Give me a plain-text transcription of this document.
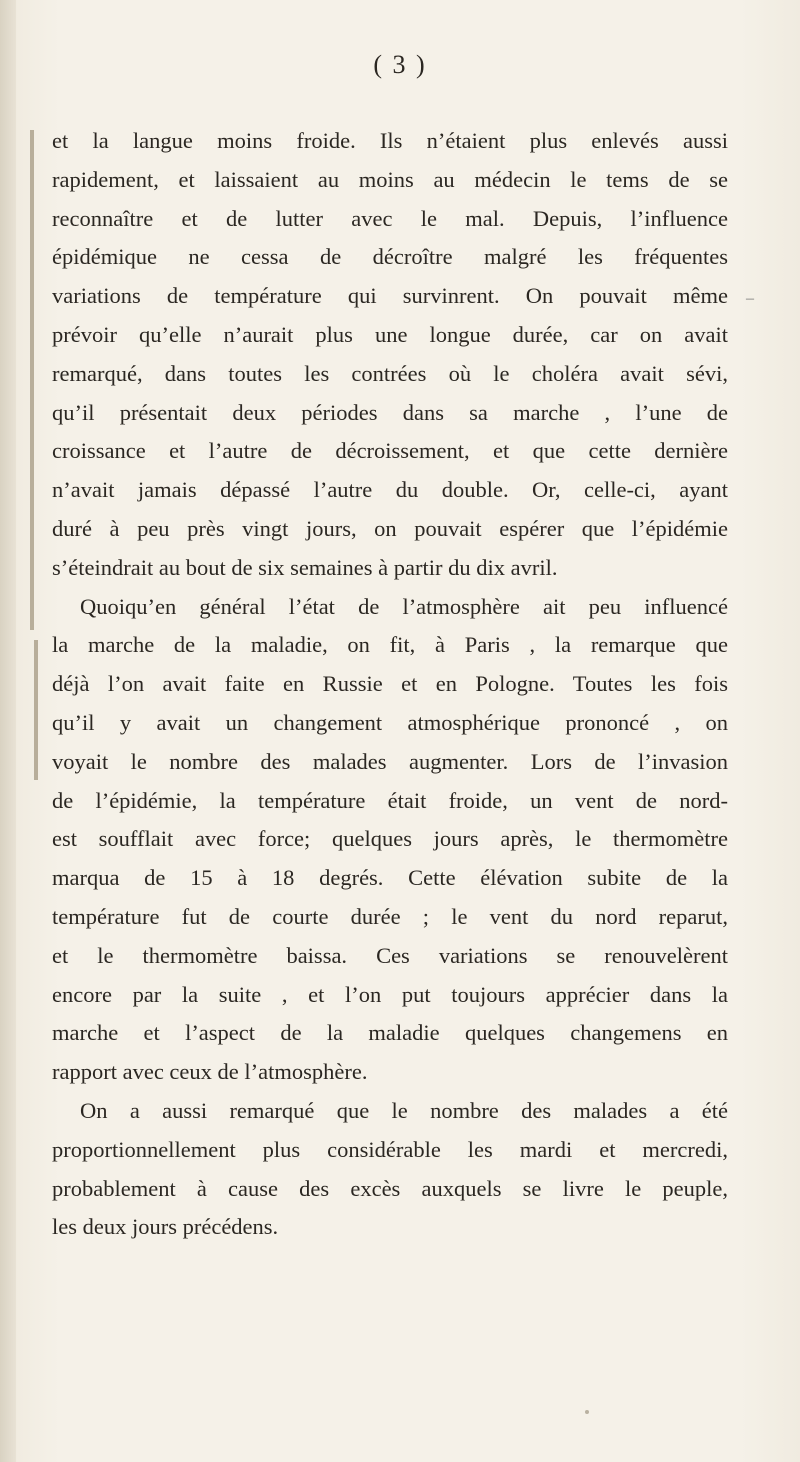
( 3 )

et la langue moins froide. Ils n’étaient plus enlevés aussi
rapidement, et laissaient au moins au médecin le tems de se
reconnaître et de lutter avec le mal. Depuis, l’influence
épidémique ne cessa de décroître malgré les fréquentes
variations de température qui survinrent. On pouvait même
prévoir qu’elle n’aurait plus une longue durée, car on avait
remarqué, dans toutes les contrées où le choléra avait sévi,
qu’il présentait deux périodes dans sa marche , l’une de
croissance et l’autre de décroissement, et que cette dernière
n’avait jamais dépassé l’autre du double. Or, celle-ci, ayant
duré à peu près vingt jours, on pouvait espérer que l’épidémie
s’éteindrait au bout de six semaines à partir du dix avril.

Quoiqu’en général l’état de l’atmosphère ait peu influencé
la marche de la maladie, on fit, à Paris , la remarque que
déjà l’on avait faite en Russie et en Pologne. Toutes les fois
qu’il y avait un changement atmosphérique prononcé , on
voyait le nombre des malades augmenter. Lors de l’invasion
de l’épidémie, la température était froide, un vent de nord-
est soufflait avec force; quelques jours après, le thermomètre
marqua de 15 à 18 degrés. Cette élévation subite de la
température fut de courte durée ; le vent du nord reparut,
et le thermomètre baissa. Ces variations se renouvelèrent
encore par la suite , et l’on put toujours apprécier dans la
marche et l’aspect de la maladie quelques changemens en
rapport avec ceux de l’atmosphère.

On a aussi remarqué que le nombre des malades a été
proportionnellement plus considérable les mardi et mercredi,
probablement à cause des excès auxquels se livre le peuple,
les deux jours précédens.

–
